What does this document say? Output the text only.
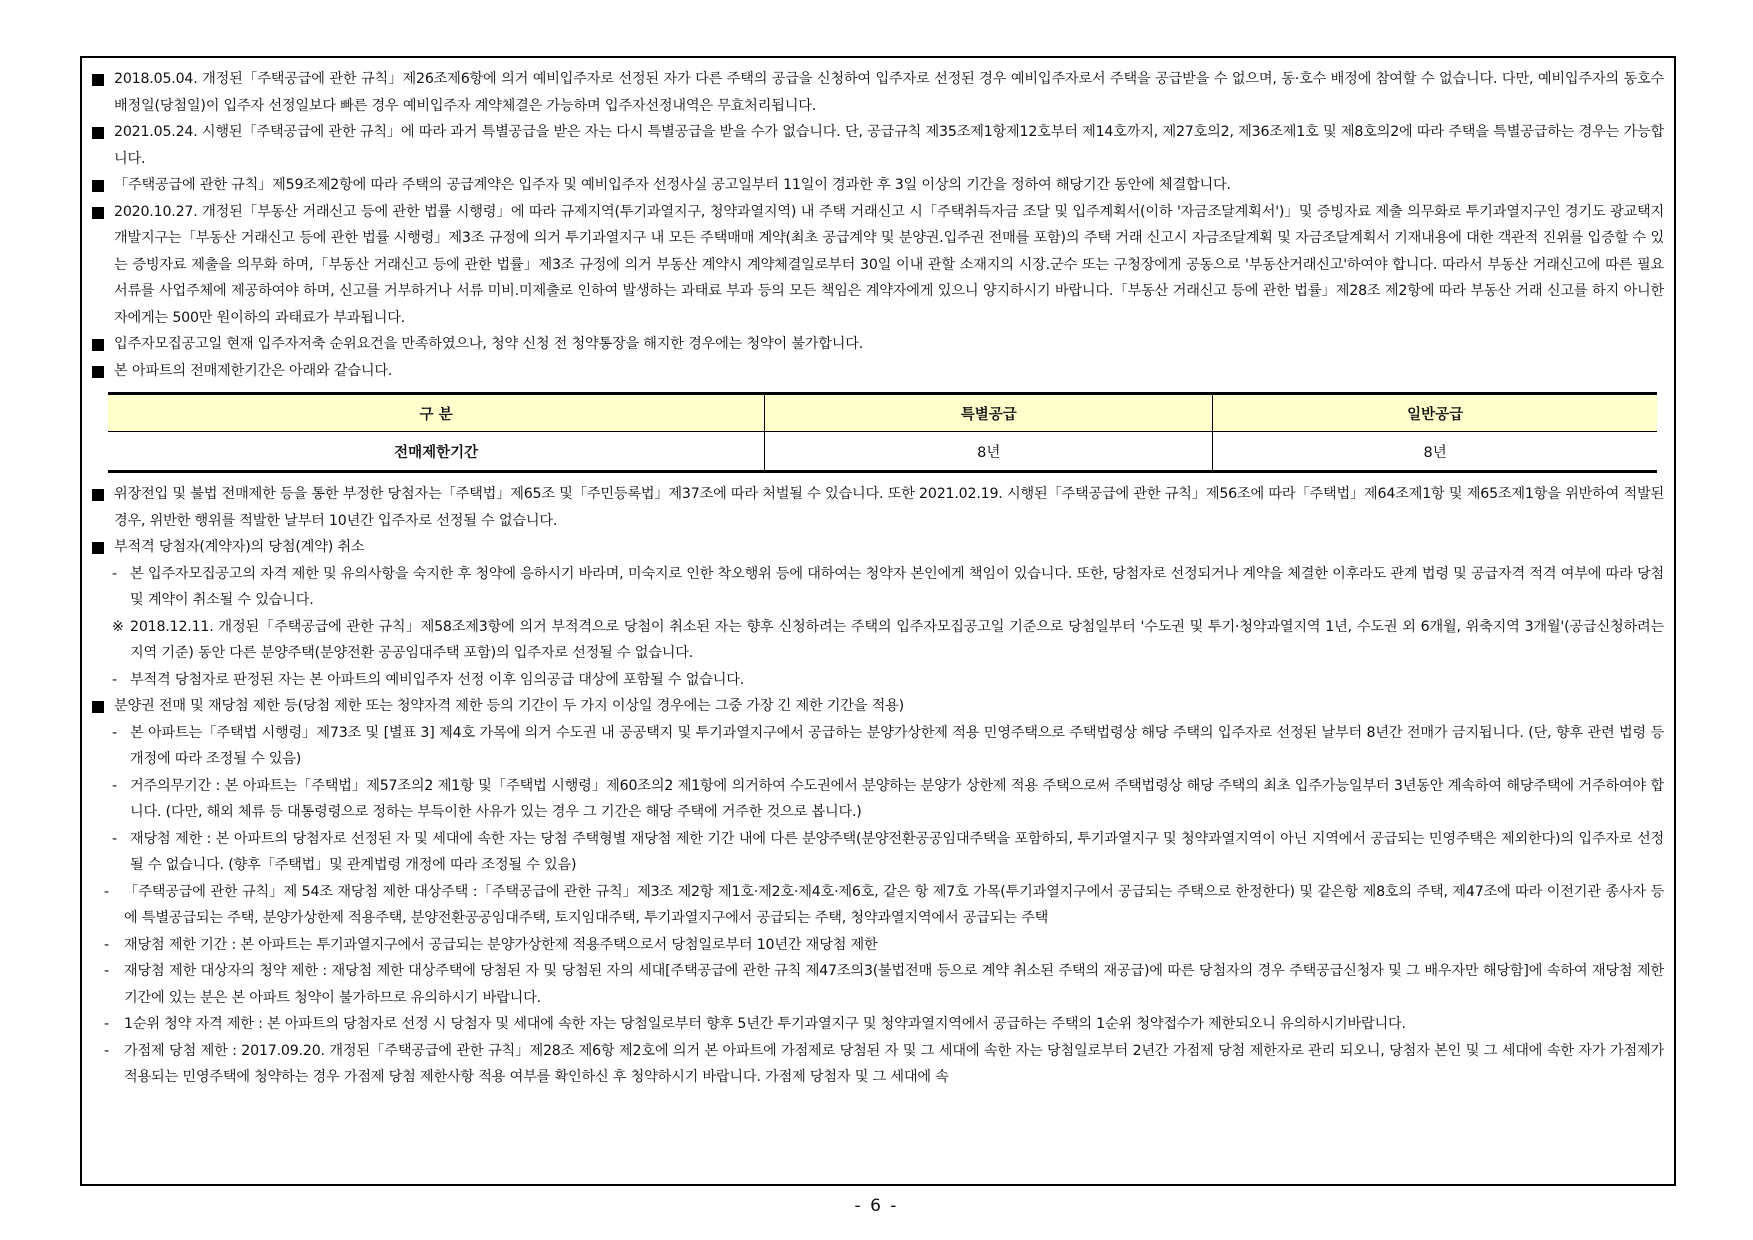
2018.05.04. 개정된「주택공급에 관한 규칙」제26조제6항에 의거 예비입주자로 선정된 자가 다른 주택의 공급을 신청하여 입주자로 선정된 경우 예비입주자로서 주택을 공급받을 수 없으며, 동·호수 배정에 참여할 수 없습니다. 다만, 예비입주자의 동호수배정일(당첨일)이 입주자 선정일보다 빠른 경우 예비입주자 계약체결은 가능하며 입주자선정내역은 무효처리됩니다.
2021.05.24. 시행된「주택공급에 관한 규칙」에 따라 과거 특별공급을 받은 자는 다시 특별공급을 받을 수가 없습니다. 단, 공급규칙 제35조제1항제12호부터 제14호까지, 제27호의2, 제36조제1호 및 제8호의2에 따라 주택을 특별공급하는 경우는 가능합니다.
「주택공급에 관한 규칙」제59조제2항에 따라 주택의 공급계약은 입주자 및 예비입주자 선정사실 공고일부터 11일이 경과한 후 3일 이상의 기간을 정하여 해당기간 동안에 체결합니다.
2020.10.27. 개정된「부동산 거래신고 등에 관한 법률 시행령」에 따라 규제지역(투기과열지구, 청약과열지역) 내 주택 거래신고 시「주택취득자금 조달 및 입주계획서(이하 '자금조달계획서')」및 증빙자료 제출 의무화로 투기과열지구인 경기도 광교택지개발지구는「부동산 거래신고 등에 관한 법률 시행령」제3조 규정에 의거 투기과열지구 내 모든 주택매매 계약(최초 공급계약 및 분양권.입주권 전매를 포함)의 주택 거래 신고시 자금조달계획 및 자금조달계획서 기재내용에 대한 객관적 진위를 입증할 수 있는 증빙자료 제출을 의무화 하며,「부동산 거래신고 등에 관한 법률」제3조 규정에 의거 부동산 계약시 계약체결일로부터 30일 이내 관할 소재지의 시장.군수 또는 구청장에게 공동으로 '부동산거래신고'하여야 합니다. 따라서 부동산 거래신고에 따른 필요 서류를 사업주체에 제공하여야 하며, 신고를 거부하거나 서류 미비.미제출로 인하여 발생하는 과태료 부과 등의 모든 책임은 계약자에게 있으니 양지하시기 바랍니다.「부동산 거래신고 등에 관한 법률」제28조 제2항에 따라 부동산 거래 신고를 하지 아니한 자에게는 500만 원이하의 과태료가 부과됩니다.
입주자모집공고일 현재 입주자저축 순위요건을 만족하였으나, 청약 신청 전 청약통장을 해지한 경우에는 청약이 불가합니다.
본 아파트의 전매제한기간은 아래와 같습니다.
구 분	특별공급	일반공급
전매제한기간	8년	8년
위장전입 및 불법 전매제한 등을 통한 부정한 당첨자는「주택법」제65조 및「주민등록법」제37조에 따라 처벌될 수 있습니다. 또한 2021.02.19. 시행된「주택공급에 관한 규칙」제56조에 따라「주택법」제64조제1항 및 제65조제1항을 위반하여 적발된 경우, 위반한 행위를 적발한 날부터 10년간 입주자로 선정될 수 없습니다.
부적격 당첨자(계약자)의 당첨(계약) 취소
- 본 입주자모집공고의 자격 제한 및 유의사항을 숙지한 후 청약에 응하시기 바라며, 미숙지로 인한 착오행위 등에 대하여는 청약자 본인에게 책임이 있습니다. 또한, 당첨자로 선정되거나 계약을 체결한 이후라도 관계 법령 및 공급자격 적격 여부에 따라 당첨 및 계약이 취소될 수 있습니다.
※ 2018.12.11. 개정된「주택공급에 관한 규칙」제58조제3항에 의거 부적격으로 당첨이 취소된 자는 향후 신청하려는 주택의 입주자모집공고일 기준으로 당첨일부터 '수도권 및 투기·청약과열지역 1년, 수도권 외 6개월, 위축지역 3개월'(공급신청하려는 지역 기준) 동안 다른 분양주택(분양전환 공공임대주택 포함)의 입주자로 선정될 수 없습니다.
- 부적격 당첨자로 판정된 자는 본 아파트의 예비입주자 선정 이후 임의공급 대상에 포함될 수 없습니다.
분양권 전매 및 재당첨 제한 등(당첨 제한 또는 청약자격 제한 등의 기간이 두 가지 이상일 경우에는 그중 가장 긴 제한 기간을 적용)
- 본 아파트는「주택법 시행령」제73조 및 [별표 3] 제4호 가목에 의거 수도권 내 공공택지 및 투기과열지구에서 공급하는 분양가상한제 적용 민영주택으로 주택법령상 해당 주택의 입주자로 선정된 날부터 8년간 전매가 금지됩니다. (단, 향후 관련 법령 등 개정에 따라 조정될 수 있음)
- 거주의무기간 : 본 아파트는「주택법」제57조의2 제1항 및「주택법 시행령」제60조의2 제1항에 의거하여 수도권에서 분양하는 분양가 상한제 적용 주택으로써 주택법령상 해당 주택의 최초 입주가능일부터 3년동안 계속하여 해당주택에 거주하여야 합니다. (다만, 해외 체류 등 대통령령으로 정하는 부득이한 사유가 있는 경우 그 기간은 해당 주택에 거주한 것으로 봅니다.)
- 재당첨 제한 : 본 아파트의 당첨자로 선정된 자 및 세대에 속한 자는 당첨 주택형별 재당첨 제한 기간 내에 다른 분양주택(분양전환공공임대주택을 포함하되, 투기과열지구 및 청약과열지역이 아닌 지역에서 공급되는 민영주택은 제외한다)의 입주자로 선정될 수 없습니다. (향후「주택법」및 관계법령 개정에 따라 조정될 수 있음)
- 「주택공급에 관한 규칙」제 54조 재당첨 제한 대상주택 :「주택공급에 관한 규칙」제3조 제2항 제1호·제2호·제4호·제6호, 같은 항 제7호 가목(투기과열지구에서 공급되는 주택으로 한정한다) 및 같은항 제8호의 주택, 제47조에 따라 이전기관 종사자 등에 특별공급되는 주택, 분양가상한제 적용주택, 분양전환공공임대주택, 토지임대주택, 투기과열지구에서 공급되는 주택, 청약과열지역에서 공급되는 주택
- 재당첨 제한 기간 : 본 아파트는 투기과열지구에서 공급되는 분양가상한제 적용주택으로서 당첨일로부터 10년간 재당첨 제한
- 재당첨 제한 대상자의 청약 제한 : 재당첨 제한 대상주택에 당첨된 자 및 당첨된 자의 세대[주택공급에 관한 규칙 제47조의3(불법전매 등으로 계약 취소된 주택의 재공급)에 따른 당첨자의 경우 주택공급신청자 및 그 배우자만 해당함]에 속하여 재당첨 제한 기간에 있는 분은 본 아파트 청약이 불가하므로 유의하시기 바랍니다.
- 1순위 청약 자격 제한 : 본 아파트의 당첨자로 선정 시 당첨자 및 세대에 속한 자는 당첨일로부터 향후 5년간 투기과열지구 및 청약과열지역에서 공급하는 주택의 1순위 청약접수가 제한되오니 유의하시기바랍니다.
- 가점제 당첨 제한 : 2017.09.20. 개정된「주택공급에 관한 규칙」제28조 제6항 제2호에 의거 본 아파트에 가점제로 당첨된 자 및 그 세대에 속한 자는 당첨일로부터 2년간 가점제 당첨 제한자로 관리 되오니, 당첨자 본인 및 그 세대에 속한 자가 가점제가 적용되는 민영주택에 청약하는 경우 가점제 당첨 제한사항 적용 여부를 확인하신 후 청약하시기 바랍니다. 가점제 당첨자 및 그 세대에 속
- 6 -
